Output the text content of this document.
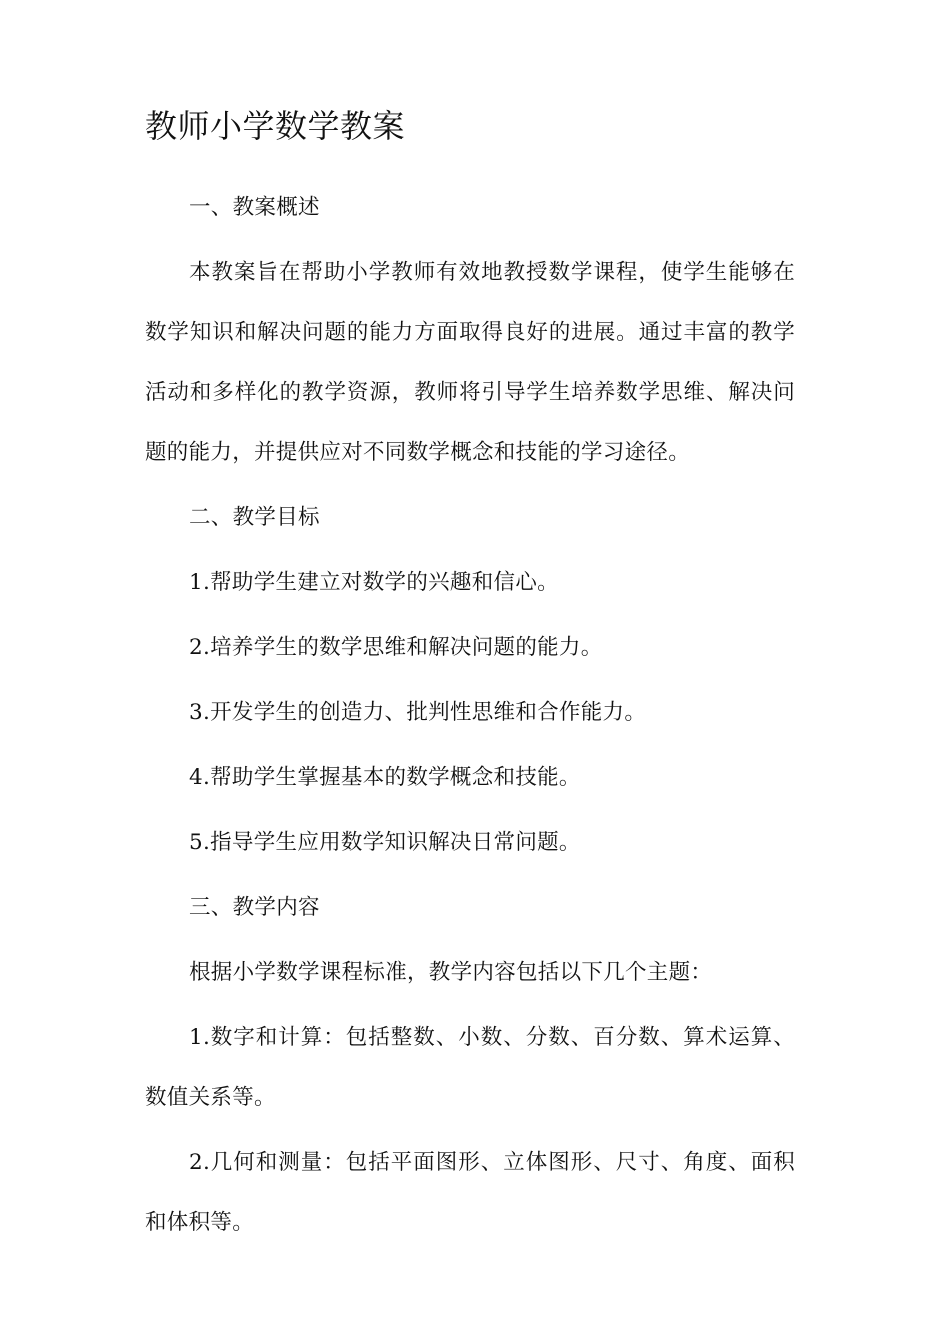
教师小学数学教案

一、教案概述

本教案旨在帮助小学教师有效地教授数学课程，使学生能够在数学知识和解决问题的能力方面取得良好的进展。通过丰富的教学活动和多样化的教学资源，教师将引导学生培养数学思维、解决问题的能力，并提供应对不同数学概念和技能的学习途径。

二、教学目标

1.帮助学生建立对数学的兴趣和信心。

2.培养学生的数学思维和解决问题的能力。

3.开发学生的创造力、批判性思维和合作能力。

4.帮助学生掌握基本的数学概念和技能。

5.指导学生应用数学知识解决日常问题。

三、教学内容

根据小学数学课程标准，教学内容包括以下几个主题：

1.数字和计算：包括整数、小数、分数、百分数、算术运算、数值关系等。

2.几何和测量：包括平面图形、立体图形、尺寸、角度、面积和体积等。
